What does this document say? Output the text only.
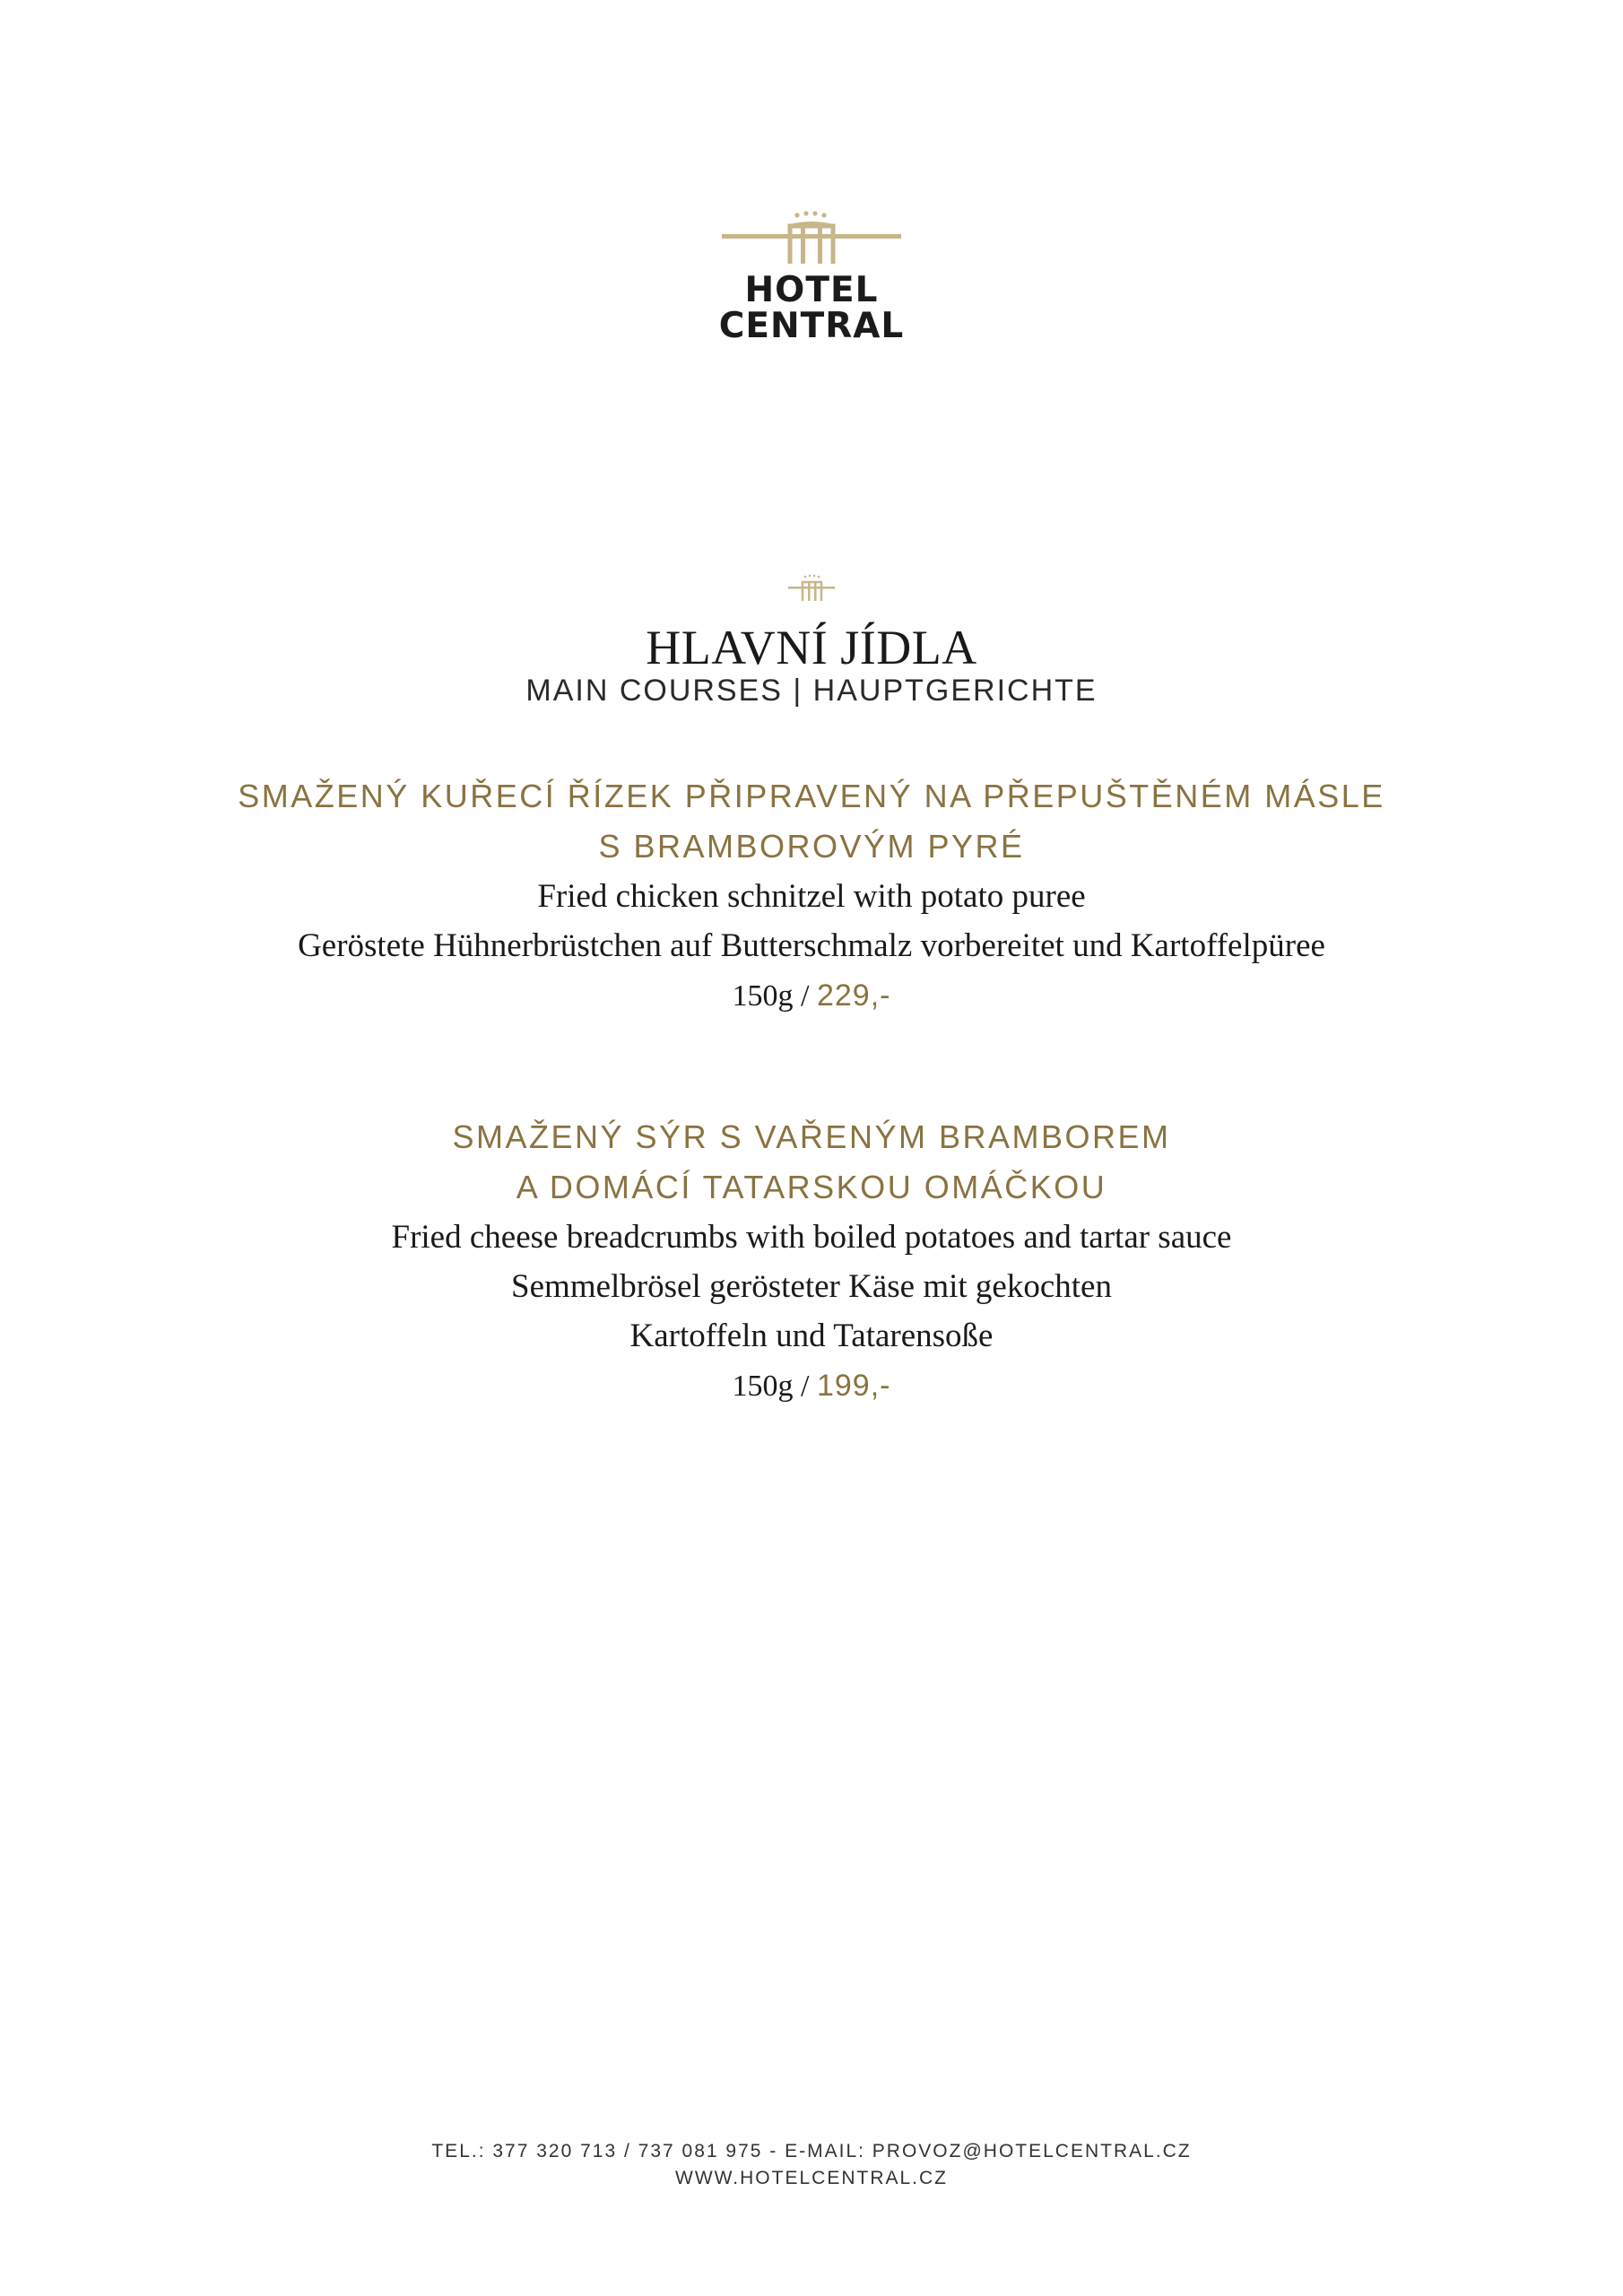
HOTEL
CENTRAL
HLAVNÍ JÍDLA
MAIN COURSES | HAUPTGERICHTE
SMAŽENÝ KUŘECÍ ŘÍZEK PŘIPRAVENÝ NA PŘEPUŠTĚNÉM MÁSLE
S BRAMBOROVÝM PYRÉ
Fried chicken schnitzel with potato puree
Geröstete Hühnerbrüstchen auf Butterschmalz vorbereitet und Kartoffelpüree
150g / 229,-
SMAŽENÝ SÝR S VAŘENÝM BRAMBOREM
A DOMÁCÍ TATARSKOU OMÁČKOU
Fried cheese breadcrumbs with boiled potatoes and tartar sauce
Semmelbrösel gerösteter Käse mit gekochten
Kartoffeln und Tatarensoße
150g / 199,-
TEL.: 377 320 713 / 737 081 975 - E-MAIL: PROVOZ@HOTELCENTRAL.CZ
WWW.HOTELCENTRAL.CZ
